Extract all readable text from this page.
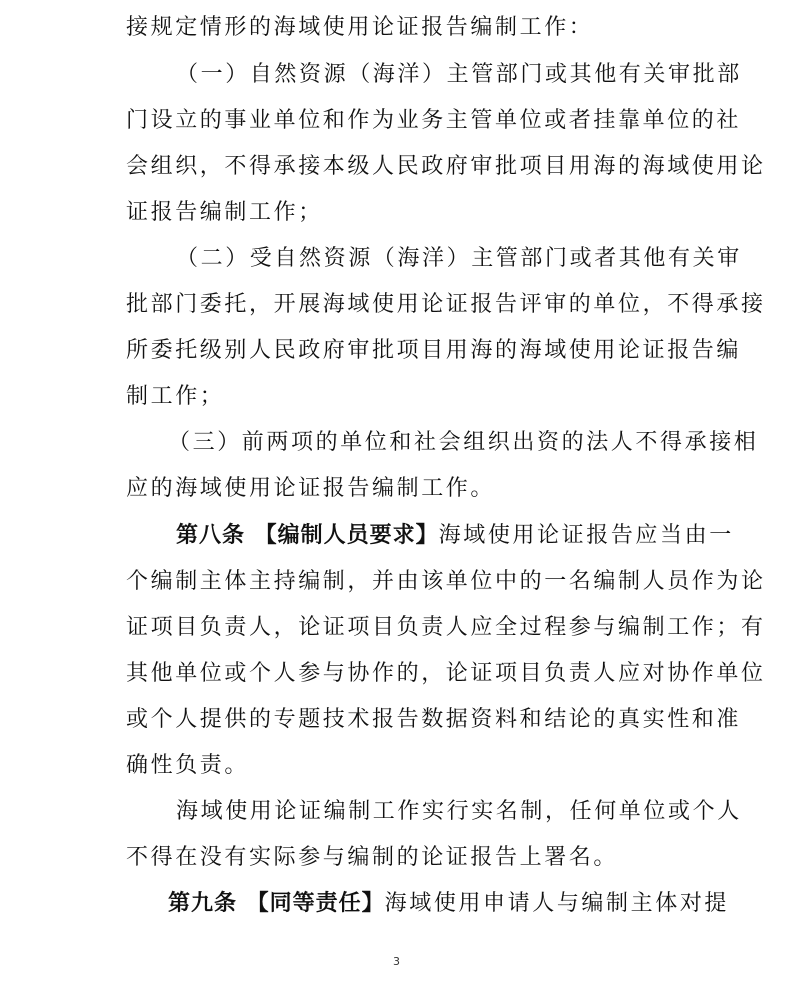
接规定情形的海域使用论证报告编制工作：
（一）自然资源（海洋）主管部门或其他有关审批部
门设立的事业单位和作为业务主管单位或者挂靠单位的社
会组织，不得承接本级人民政府审批项目用海的海域使用论
证报告编制工作；
（二）受自然资源（海洋）主管部门或者其他有关审
批部门委托，开展海域使用论证报告评审的单位，不得承接
所委托级别人民政府审批项目用海的海域使用论证报告编
制工作；
（三）前两项的单位和社会组织出资的法人不得承接相
应的海域使用论证报告编制工作。
第八条 【编制人员要求】海域使用论证报告应当由一
个编制主体主持编制，并由该单位中的一名编制人员作为论
证项目负责人，论证项目负责人应全过程参与编制工作；有
其他单位或个人参与协作的，论证项目负责人应对协作单位
或个人提供的专题技术报告数据资料和结论的真实性和准
确性负责。
海域使用论证编制工作实行实名制，任何单位或个人
不得在没有实际参与编制的论证报告上署名。
第九条 【同等责任】海域使用申请人与编制主体对提
3
